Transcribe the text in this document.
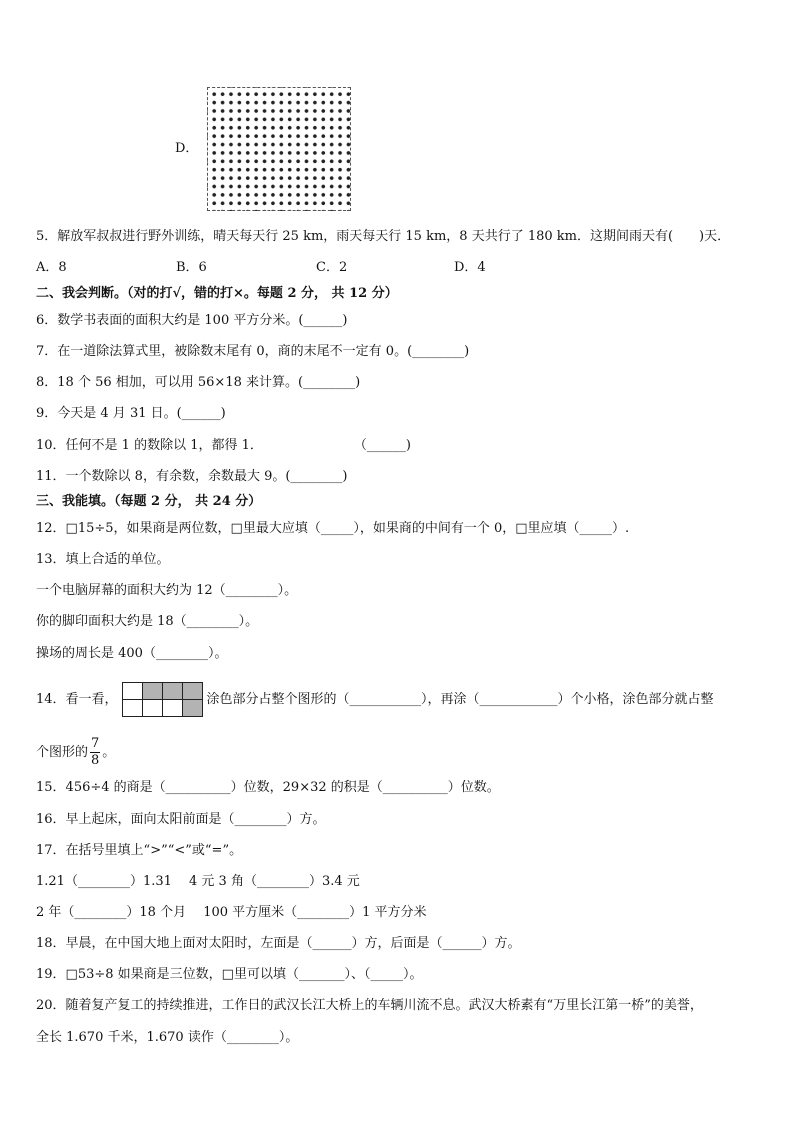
D．
5．解放军叔叔进行野外训练，晴天每天行 25 km，雨天每天行 15 km，8 天共行了 180 km．这期间雨天有(　　)天．
A．8	B．6	C．2	D．4
二、我会判断。（对的打√，错的打×。每题 2 分， 共 12 分）
6．数学书表面的面积大约是 100 平方分米。(______)
7．在一道除法算式里，被除数末尾有 0，商的末尾不一定有 0。(________)
8．18 个 56 相加，可以用 56×18 来计算。(________)
9．今天是 4 月 31 日。(______)
10．任何不是 1 的数除以 1，都得 1．　　　　　　　　（______)
11．一个数除以 8，有余数，余数最大 9。(________)
三、我能填。（每题 2 分， 共 24 分）
12．□15÷5，如果商是两位数，□里最大应填（_____），如果商的中间有一个 0，□里应填（_____）.
13．填上合适的单位。
一个电脑屏幕的面积大约为 12（________）。
你的脚印面积大约是 18（________）。
操场的周长是 400（________）。
14．看一看，			
				涂色部分占整个图形的（___________），再涂（____________）个小格，涂色部分就占整
个图形的 $\frac{7}{8}$ 。
15．456÷4 的商是（__________）位数，29×32 的积是（__________）位数。
16．早上起床，面向太阳前面是（________）方。
17．在括号里填上“>”“<”或“=”。
1.21（________）1.31　 4 元 3 角（________）3.4 元
2 年（________）18 个月　 100 平方厘米（________）1 平方分米
18．早晨，在中国大地上面对太阳时，左面是（______）方，后面是（______）方。
19．□53÷8 如果商是三位数，□里可以填（_______）、（_____）。
20．随着复产复工的持续推进，工作日的武汉长江大桥上的车辆川流不息。武汉大桥素有“万里长江第一桥”的美誉，
全长 1.670 千米，1.670 读作（________）。
